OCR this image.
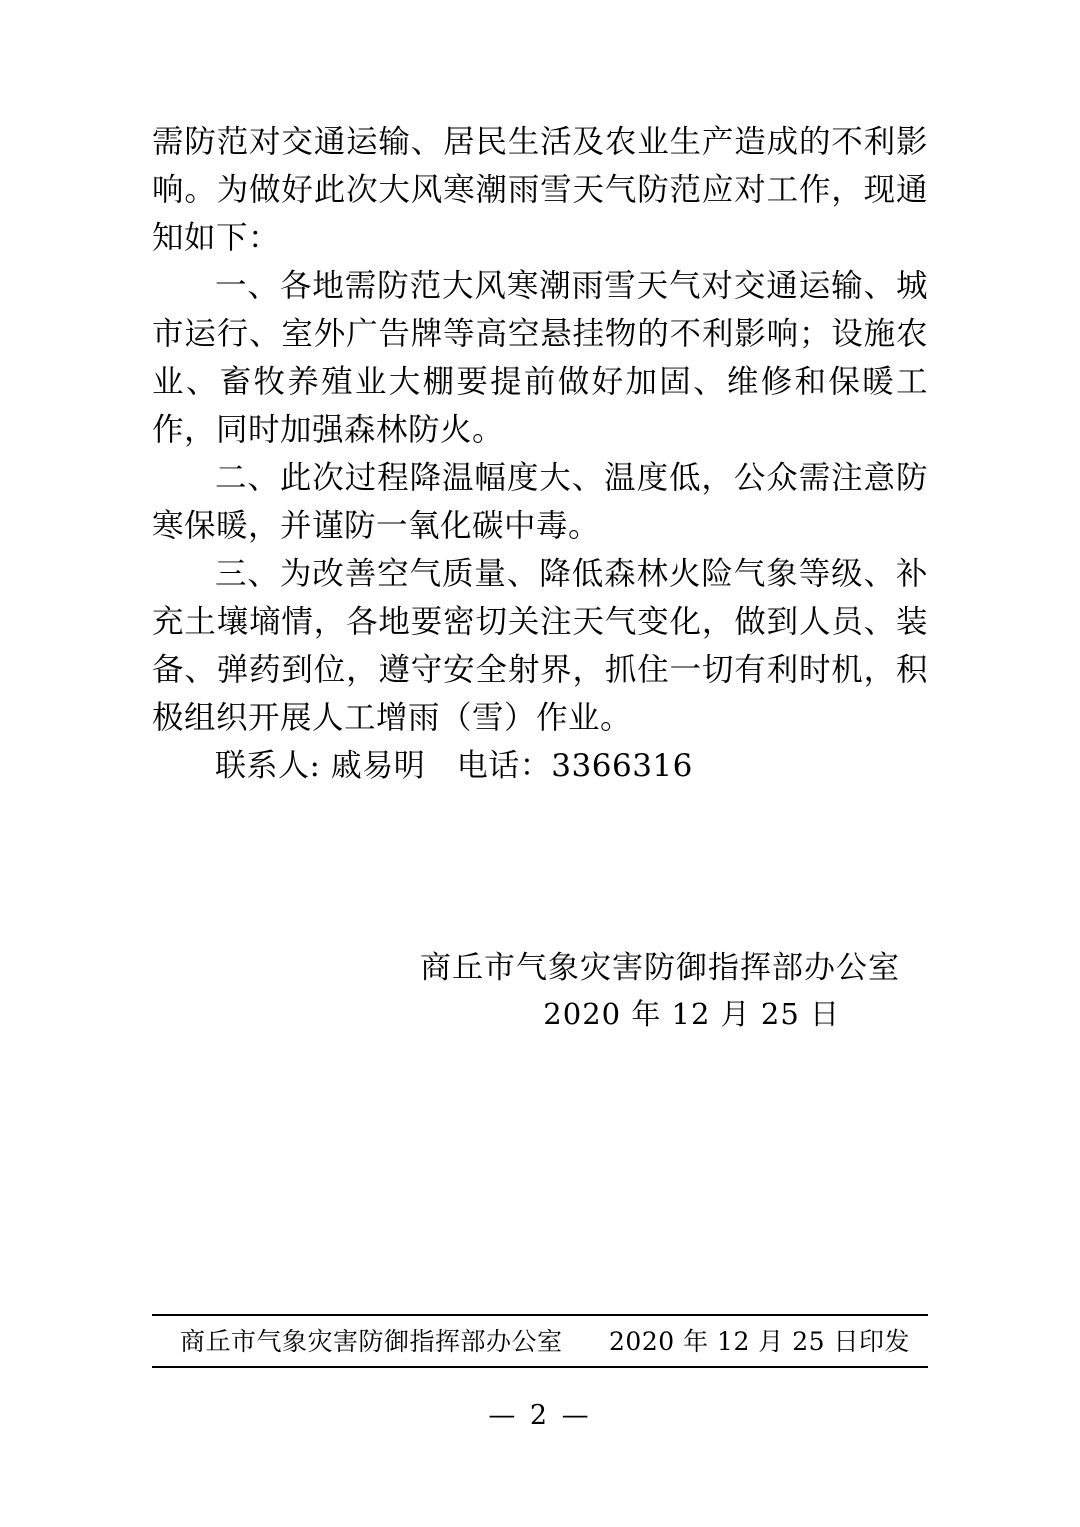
需防范对交通运输、居民生活及农业生产造成的不利影响。为做好此次大风寒潮雨雪天气防范应对工作，现通知如下：

一、各地需防范大风寒潮雨雪天气对交通运输、城市运行、室外广告牌等高空悬挂物的不利影响；设施农业、畜牧养殖业大棚要提前做好加固、维修和保暖工作，同时加强森林防火。

二、此次过程降温幅度大、温度低，公众需注意防寒保暖，并谨防一氧化碳中毒。

三、为改善空气质量、降低森林火险气象等级、补充土壤墒情，各地要密切关注天气变化，做到人员、装备、弹药到位，遵守安全射界，抓住一切有利时机，积极组织开展人工增雨（雪）作业。

联系人: 戚易明　电话：3366316

商丘市气象灾害防御指挥部办公室
2020 年 12 月 25 日
商丘市气象灾害防御指挥部办公室 2020 年 12 月 25 日印发
— 2 —
